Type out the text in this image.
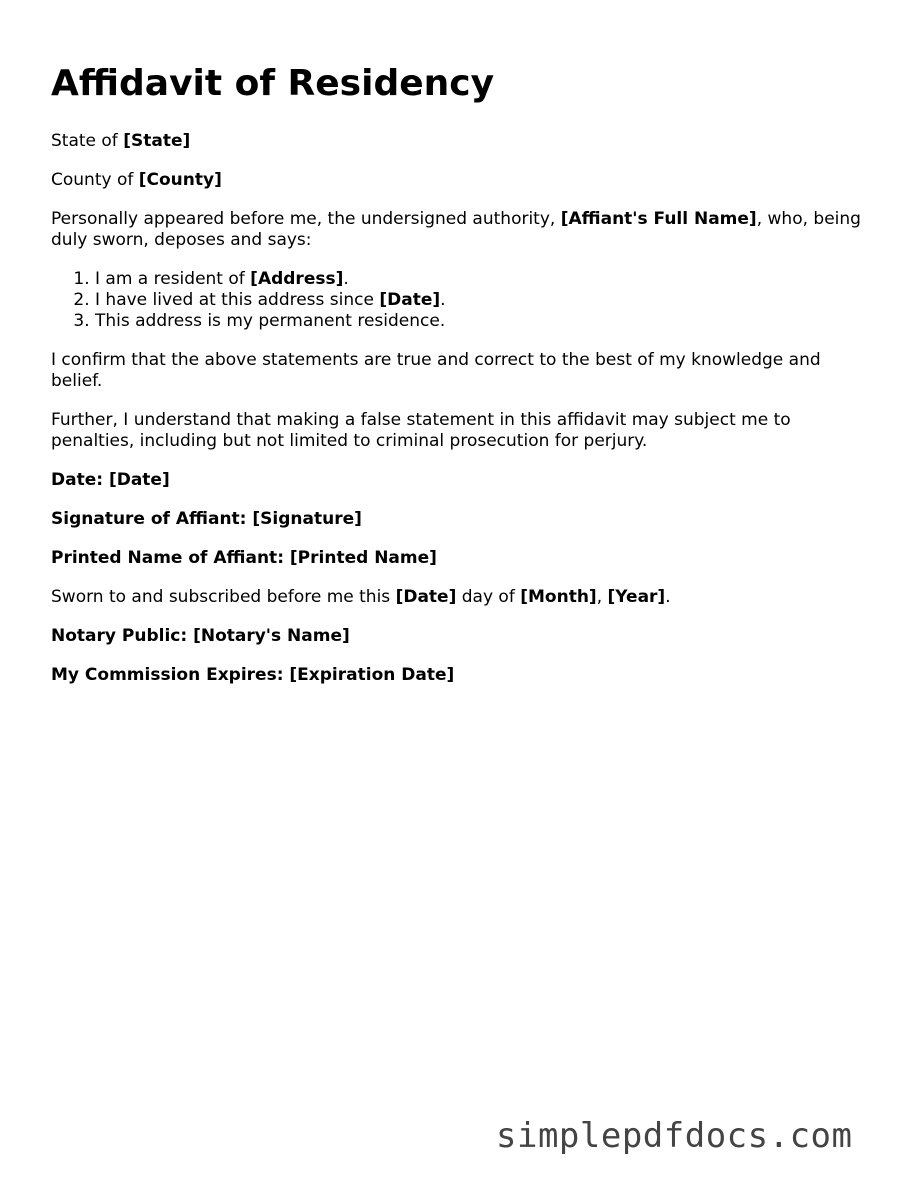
Affidavit of Residency

State of [State]

County of [County]

Personally appeared before me, the undersigned authority, [Affiant's Full Name], who, being duly sworn, deposes and says:

1. I am a resident of [Address].
2. I have lived at this address since [Date].
3. This address is my permanent residence.

I confirm that the above statements are true and correct to the best of my knowledge and belief.

Further, I understand that making a false statement in this affidavit may subject me to penalties, including but not limited to criminal prosecution for perjury.

Date: [Date]

Signature of Affiant: [Signature]

Printed Name of Affiant: [Printed Name]

Sworn to and subscribed before me this [Date] day of [Month], [Year].

Notary Public: [Notary's Name]

My Commission Expires: [Expiration Date]

simplepdfdocs.com
